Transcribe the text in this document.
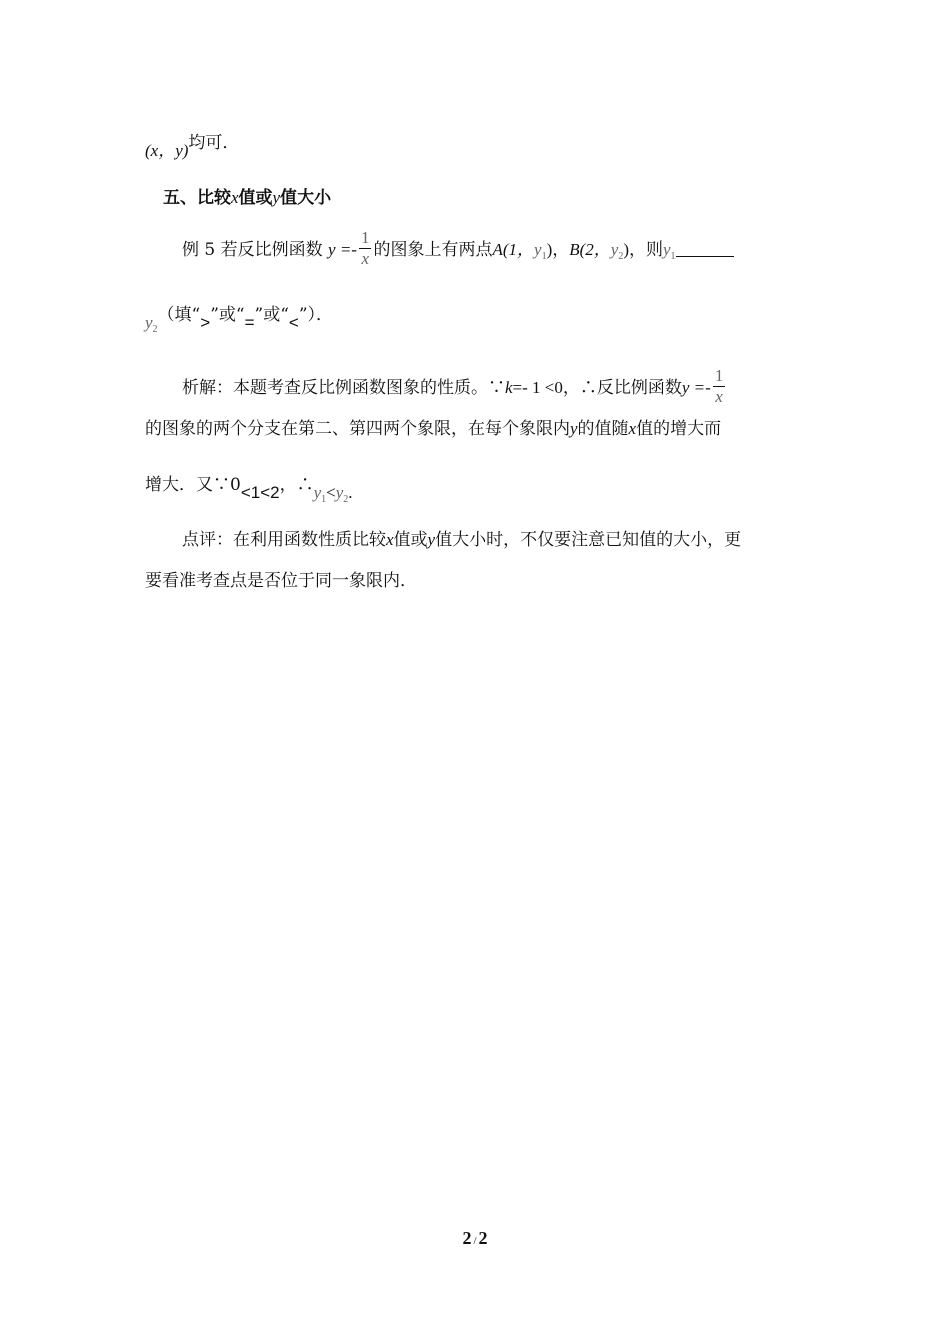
(x，y)均可．
五、比较x值或y值大小
例 5 若反比例函数 $y =- \frac{1}{x}$ 的图象上有两点A(1，$y_1$)，B(2，$y_2$)，则$y_1$
$y_2$（填“>”或“=”或“<”）．
析解：本题考查反比例函数图象的性质。∵k=- 1 <0，∴反比例函数$y =- \frac{1}{x}$
的图象的两个分支在第二、第四两个象限，在每个象限内y的值随x值的增大而
增大．又∵0<1<2，$\therefore y_1<y_2$.
点评：在利用函数性质比较x值或y值大小时，不仅要注意已知值的大小，更
要看准考查点是否位于同一象限内．
2 / 2
